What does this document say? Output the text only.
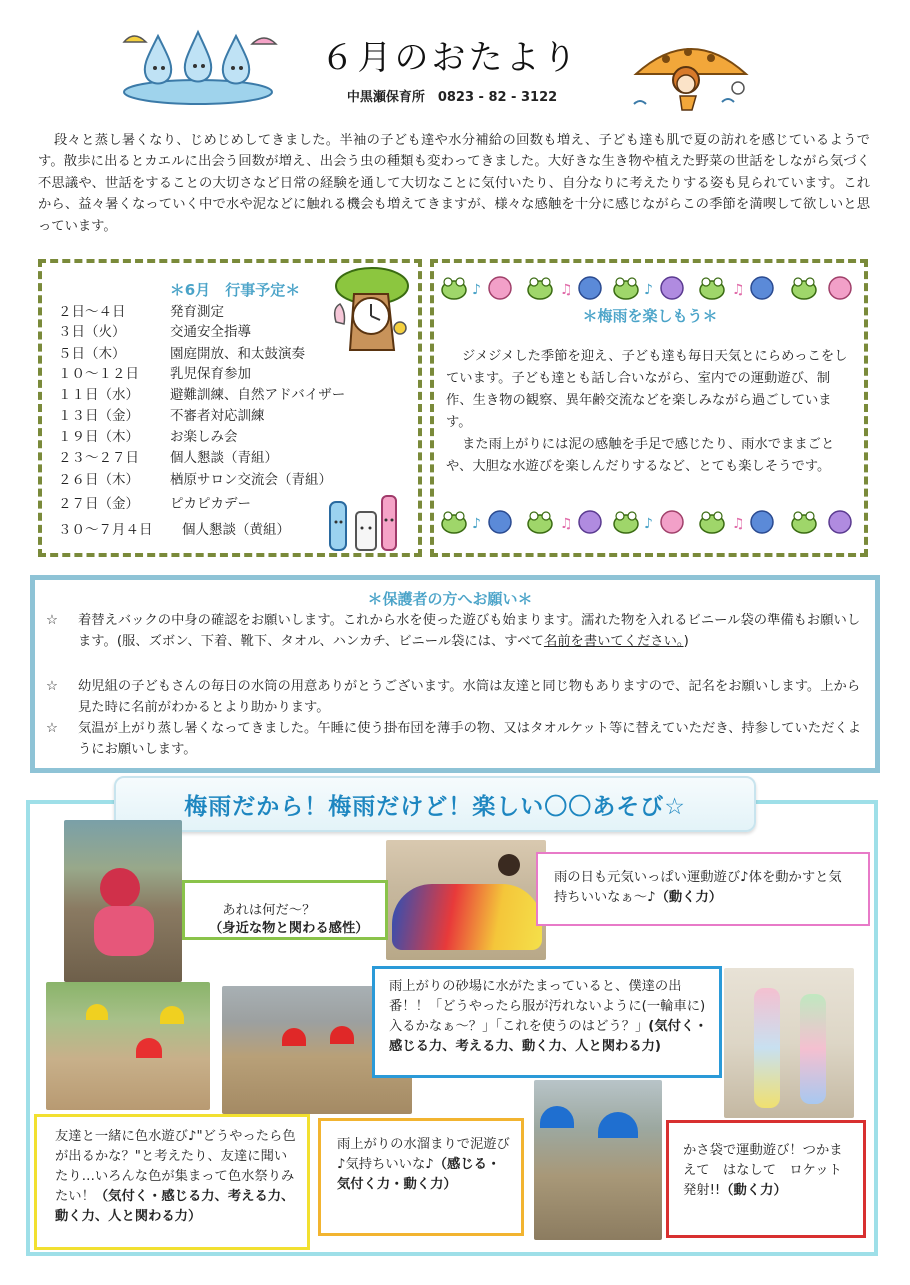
６月のおたより
中黒瀬保育所　0823 - 82 - 3122
段々と蒸し暑くなり、じめじめしてきました。半袖の子ども達や水分補給の回数も増え、子ども達も肌で夏の訪れを感じているようです。散歩に出るとカエルに出会う回数が増え、出会う虫の種類も変わってきました。大好きな生き物や植えた野菜の世話をしながら気づく不思議や、世話をすることの大切さなど日常の経験を通して大切なことに気付いたり、自分なりに考えたりする姿も見られています。これから、益々暑くなっていく中で水や泥などに触れる機会も増えてきますが、様々な感触を十分に感じながらこの季節を満喫して欲しいと思っています。
＊6月　行事予定＊
２日～４日	発育測定
３日（火）	交通安全指導
５日（木）	園庭開放、和太鼓演奏
１０～１２日 乳児保育参加
１１日（水） 避難訓練、自然アドバイザー
１３日（金） 不審者対応訓練
１９日（木） お楽しみ会
２３～２７日 個人懇談（青組）
２６日（木） 楢原サロン交流会（青組）
２７日（金） ピカピカデー
３０～７月４日 個人懇談（黄組）
♪	♫	♪	♫
＊梅雨を楽しもう＊

ジメジメした季節を迎え、子ども達も毎日天気とにらめっこをしています。子ども達とも話し合いながら、室内での運動遊び、制作、生き物の観察、異年齢交流などを楽しみながら過ごしています。

また雨上がりには泥の感触を手足で感じたり、雨水でままごとや、大胆な水遊びを楽しんだりするなど、とても楽しそうです。

♪	♫	♪	♫
＊保護者の方へお願い＊
☆	着替えバックの中身の確認をお願いします。これから水を使った遊びも始まります。濡れた物を入れるビニール袋の準備もお願いします。(服、ズボン、下着、靴下、タオル、ハンカチ、ビニール袋には、すべて名前を書いてください。)
☆	幼児組の子どもさんの毎日の水筒の用意ありがとうございます。水筒は友達と同じ物もありますので、記名をお願いします。上から見た時に名前がわかるとより助かります。
☆	気温が上がり蒸し暑くなってきました。午睡に使う掛布団を薄手の物、又はタオルケット等に替えていただき、持参していただくようにお願いします。
梅雨だから！梅雨だけど！楽しい〇〇あそび☆
あれは何だ～？
（身近な物と関わる感性）
雨の日も元気いっぱい運動遊び♪体を動かすと気持ちいいなぁ～♪（動く力）
雨上がりの砂場に水がたまっていると、僕達の出番！！「どうやったら服が汚れないように(一輪車に) 入るかなぁ～？」「これを使うのはどう？」(気付く・感じる力、考える力、動く力、人と関わる力)
友達と一緒に色水遊び♪"どうやったら色が出るかな？"と考えたり、友達に聞いたり…いろんな色が集まって色水祭りみたい！（気付く・感じる力、考える力、動く力、人と関わる力）
雨上がりの水溜まりで泥遊び♪気持ちいいな♪（感じる・気付く力・動く力）
かさ袋で運動遊び！つかまえて　はなして　ロケット発射!!（動く力）
